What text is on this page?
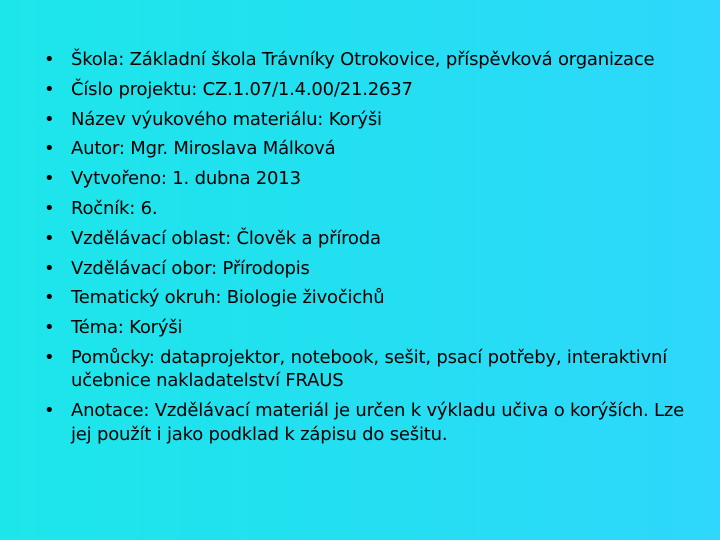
• Škola: Základní škola Trávníky Otrokovice, příspěvková organizace
• Číslo projektu: CZ.1.07/1.4.00/21.2637
• Název výukového materiálu: Korýši
• Autor: Mgr. Miroslava Málková
• Vytvořeno: 1. dubna 2013
• Ročník: 6.
• Vzdělávací oblast: Člověk a příroda
• Vzdělávací obor: Přírodopis
• Tematický okruh: Biologie živočichů
• Téma: Korýši
• Pomůcky: dataprojektor, notebook, sešit, psací potřeby, interaktivní učebnice nakladatelství FRAUS
• Anotace: Vzdělávací materiál je určen k výkladu učiva o korýších. Lze jej použít i jako podklad k zápisu do sešitu.
